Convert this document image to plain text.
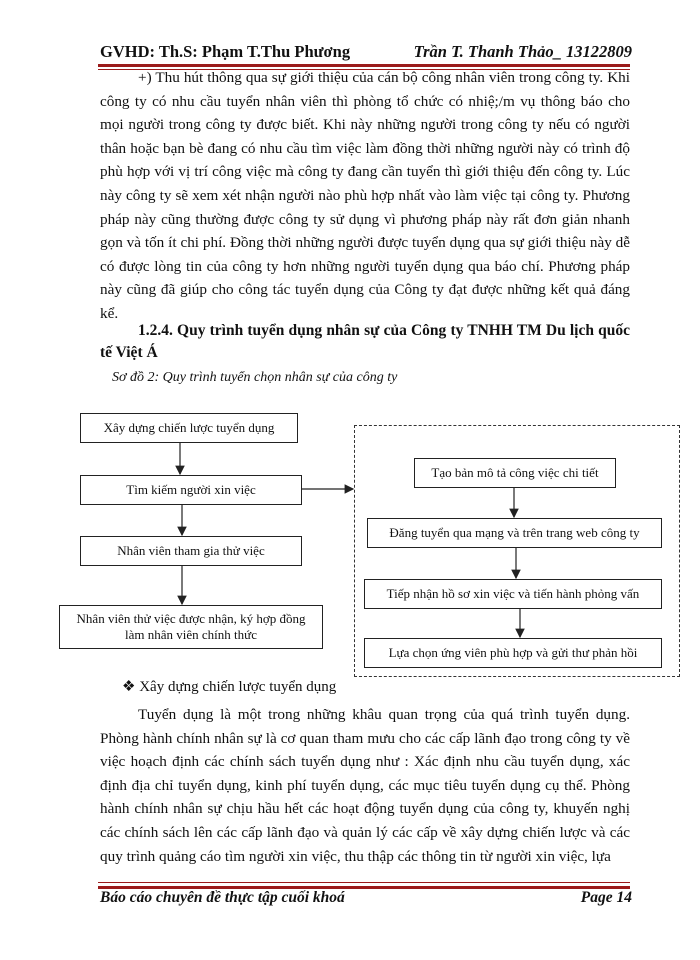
GVHD: Th.S: Phạm T.Thu Phương	Trần T. Thanh Thảo_ 13122809

+) Thu hút thông qua sự giới thiệu của cán bộ công nhân viên trong công ty. Khi công ty có nhu cầu tuyển nhân viên thì phòng tổ chức có nhiệ;/m vụ thông báo cho mọi người trong công ty được biết. Khi này những người trong công ty nếu có người thân hoặc bạn bè đang có nhu cầu tìm việc làm đồng thời những người này có trình độ phù hợp với vị trí công việc mà công ty đang cần tuyển thì giới thiệu đến công ty. Lúc này công ty sẽ xem xét nhận người nào phù hợp nhất vào làm việc tại công ty. Phương pháp này cũng thường được công ty sử dụng vì phương pháp này rất đơn giản nhanh gọn và tốn ít chi phí. Đồng thời những người được tuyển dụng qua sự giới thiệu này dễ có được lòng tin của công ty hơn những người tuyển dụng qua báo chí. Phương pháp này cũng đã giúp cho công tác tuyển dụng của Công ty đạt được những kết quả đáng kể.

1.2.4. Quy trình tuyển dụng nhân sự của Công ty TNHH TM Du lịch quốc tế Việt Á

Sơ đồ 2: Quy trình tuyển chọn nhân sự của công ty
Xây dựng chiến lược tuyển dụng
Tìm kiếm người xin việc
Nhân viên tham gia thử việc
Nhân viên thử việc được nhận, ký hợp đồng làm nhân viên chính thức
Tạo bản mô tả công việc chi tiết
Đăng tuyển qua mạng và trên trang web công ty
Tiếp nhận hồ sơ xin việc và tiến hành phỏng vấn
Lựa chọn ứng viên phù hợp và gửi thư phản hồi
❖ Xây dựng chiến lược tuyển dụng

Tuyển dụng là một trong những khâu quan trọng của quá trình tuyển dụng. Phòng hành chính nhân sự là cơ quan tham mưu cho các cấp lãnh đạo trong công ty về việc hoạch định các chính sách tuyển dụng như : Xác định nhu cầu tuyển dụng, xác định địa chỉ tuyển dụng, kinh phí tuyển dụng, các mục tiêu tuyển dụng cụ thể. Phòng hành chính nhân sự chịu hầu hết các hoạt động tuyển dụng của công ty, khuyến nghị các chính sách lên các cấp lãnh đạo và quản lý các cấp về xây dựng chiến lược và các quy trình quảng cáo tìm người xin việc, thu thập các thông tin từ người xin việc, lựa

Báo cáo chuyên đề thực tập cuối khoá	Page 14
